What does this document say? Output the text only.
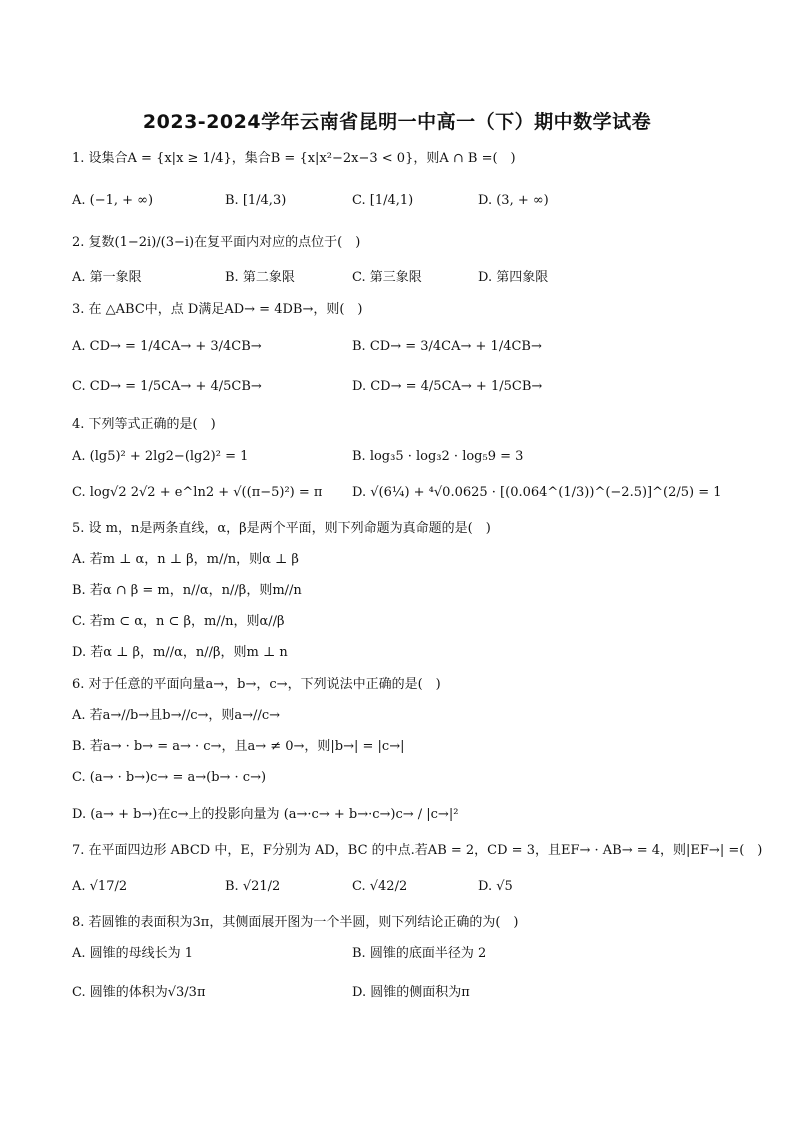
2023-2024学年云南省昆明一中高一（下）期中数学试卷
1. 设集合A = {x|x ≥ 1/4}，集合B = {x|x²−2x−3 < 0}，则A ∩ B =(　)
A. (−1, + ∞)	B. [1/4,3)	C. [1/4,1)	D. (3, + ∞)
2. 复数(1−2i)/(3−i)在复平面内对应的点位于(　)
A. 第一象限	B. 第二象限	C. 第三象限	D. 第四象限
3. 在 △ABC中，点 D满足AD→ = 4DB→，则(　)
A. CD→ = 1/4CA→ + 3/4CB→	B. CD→ = 3/4CA→ + 1/4CB→
C. CD→ = 1/5CA→ + 4/5CB→	D. CD→ = 4/5CA→ + 1/5CB→
4. 下列等式正确的是(　)
A. (lg5)² + 2lg2−(lg2)² = 1	B. log₃5 · log₃2 · log₅9 = 3
C. log√2 2√2 + e^ln2 + √((π−5)²) = π D. √(6¼) + ⁴√0.0625 · [(0.064^(1/3))^(−2.5)]^(2/5) = 1
5. 设 m，n是两条直线，α，β是两个平面，则下列命题为真命题的是(　)
A. 若m ⊥ α，n ⊥ β，m//n，则α ⊥ β
B. 若α ∩ β = m，n//α，n//β，则m//n
C. 若m ⊂ α，n ⊂ β，m//n，则α//β
D. 若α ⊥ β，m//α，n//β，则m ⊥ n
6. 对于任意的平面向量a→，b→，c→，下列说法中正确的是(　)
A. 若a→//b→且b→//c→，则a→//c→
B. 若a→ · b→ = a→ · c→，且a→ ≠ 0→，则|b→| = |c→|
C. (a→ · b→)c→ = a→(b→ · c→)
D. (a→ + b→)在c→上的投影向量为 (a→·c→ + b→·c→)c→ / |c→|²
7. 在平面四边形 ABCD 中，E，F分别为 AD，BC 的中点.若AB = 2，CD = 3，且EF→ · AB→ = 4，则|EF→| =(　)
A. √17/2	B. √21/2	C. √42/2	D. √5
8. 若圆锥的表面积为3π，其侧面展开图为一个半圆，则下列结论正确的为(　)
A. 圆锥的母线长为 1	B. 圆锥的底面半径为 2
C. 圆锥的体积为√3/3π	D. 圆锥的侧面积为π
